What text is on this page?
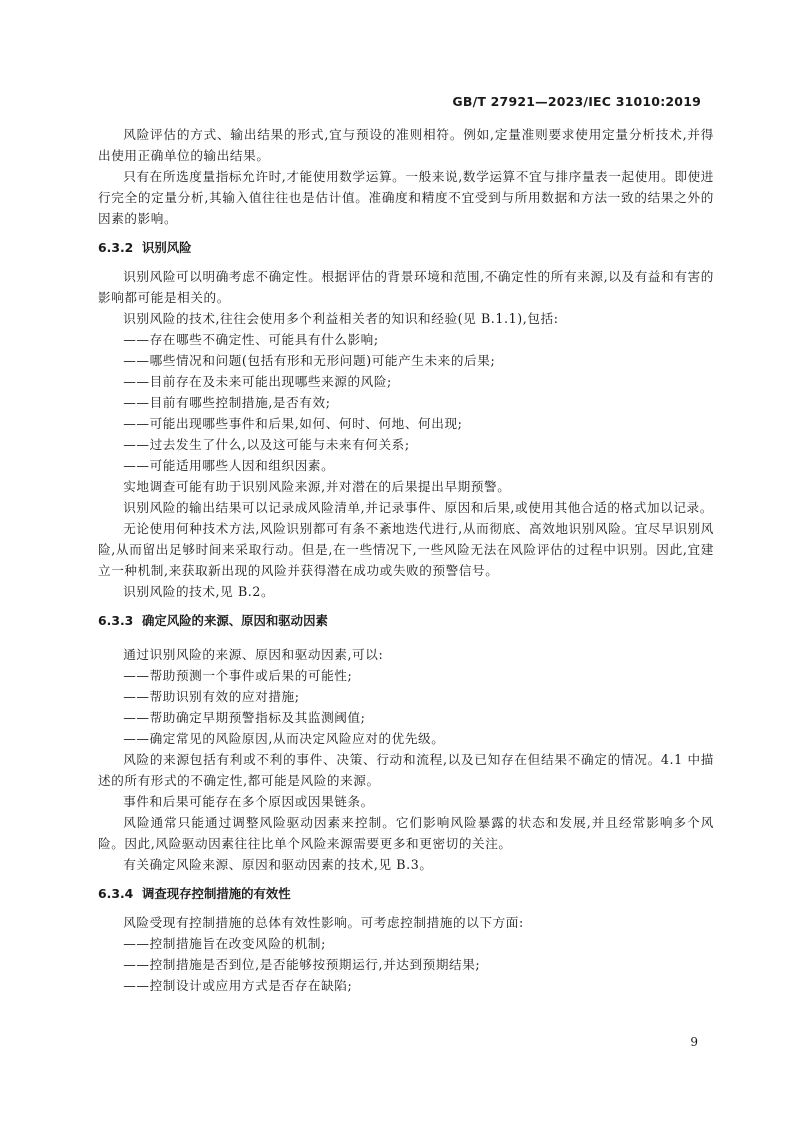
GB/T 27921—2023/IEC 31010:2019

风险评估的方式、输出结果的形式,宜与预设的准则相符。例如,定量准则要求使用定量分析技术,并得出使用正确单位的输出结果。

只有在所选度量指标允许时,才能使用数学运算。一般来说,数学运算不宜与排序量表一起使用。即使进行完全的定量分析,其输入值往往也是估计值。准确度和精度不宜受到与所用数据和方法一致的结果之外的因素的影响。

6.3.2 识别风险

识别风险可以明确考虑不确定性。根据评估的背景环境和范围,不确定性的所有来源,以及有益和有害的影响都可能是相关的。

识别风险的技术,往往会使用多个利益相关者的知识和经验(见 B.1.1),包括:

——存在哪些不确定性、可能具有什么影响;

——哪些情况和问题(包括有形和无形问题)可能产生未来的后果;

——目前存在及未来可能出现哪些来源的风险;

——目前有哪些控制措施,是否有效;

——可能出现哪些事件和后果,如何、何时、何地、何出现;

——过去发生了什么,以及这可能与未来有何关系;

——可能适用哪些人因和组织因素。

实地调查可能有助于识别风险来源,并对潜在的后果提出早期预警。

识别风险的输出结果可以记录成风险清单,并记录事件、原因和后果,或使用其他合适的格式加以记录。

无论使用何种技术方法,风险识别都可有条不紊地迭代进行,从而彻底、高效地识别风险。宜尽早识别风险,从而留出足够时间来采取行动。但是,在一些情况下,一些风险无法在风险评估的过程中识别。因此,宜建立一种机制,来获取新出现的风险并获得潜在成功或失败的预警信号。

识别风险的技术,见 B.2。

6.3.3 确定风险的来源、原因和驱动因素

通过识别风险的来源、原因和驱动因素,可以:

——帮助预测一个事件或后果的可能性;

——帮助识别有效的应对措施;

——帮助确定早期预警指标及其监测阈值;

——确定常见的风险原因,从而决定风险应对的优先级。

风险的来源包括有利或不利的事件、决策、行动和流程,以及已知存在但结果不确定的情况。4.1 中描述的所有形式的不确定性,都可能是风险的来源。

事件和后果可能存在多个原因或因果链条。

风险通常只能通过调整风险驱动因素来控制。它们影响风险暴露的状态和发展,并且经常影响多个风险。因此,风险驱动因素往往比单个风险来源需要更多和更密切的关注。

有关确定风险来源、原因和驱动因素的技术,见 B.3。

6.3.4 调查现存控制措施的有效性

风险受现有控制措施的总体有效性影响。可考虑控制措施的以下方面:

——控制措施旨在改变风险的机制;

——控制措施是否到位,是否能够按预期运行,并达到预期结果;

——控制设计或应用方式是否存在缺陷;

9
